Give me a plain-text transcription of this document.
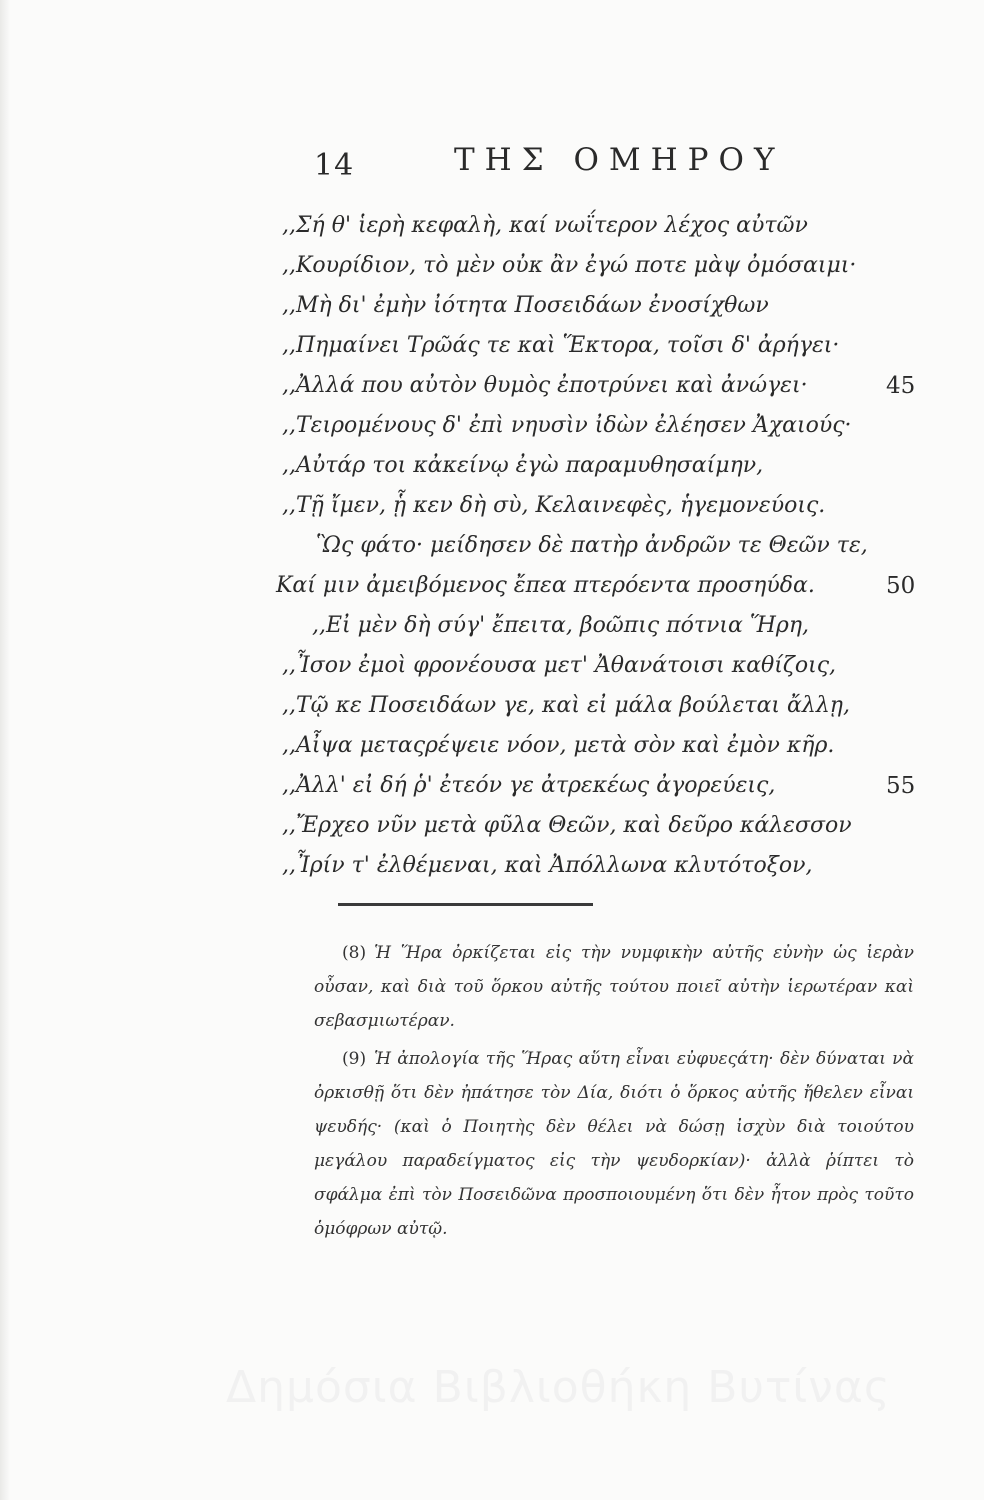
14	ΤΗΣ ΟΜΗΡΟΥ
,,Σή θ' ἱερὴ κεφαλὴ, καί νωΐτερον λέχος αὐτῶν
,,Κουρίδιον, τὸ μὲν οὐκ ἂν ἐγώ ποτε μὰψ ὀμόσαιμι·
,,Μὴ δι' ἐμὴν ἰότητα Ποσειδάων ἐνοσίχθων
,,Πημαίνει Τρῶάς τε καὶ Ἕκτορα, τοῖσι δ' ἀρήγει·
,,Ἀλλά που αὐτὸν θυμὸς ἐποτρύνει καὶ ἀνώγει·	45
,,Τειρομένους δ' ἐπὶ νηυσὶν ἰδὼν ἐλέησεν Ἀχαιούς·
,,Αὐτάρ τοι κἀκείνῳ ἐγὼ παραμυθησαίμην,
,,Τῇ ἴμεν, ᾗ κεν δὴ σὺ, Κελαινεφὲς, ἡγεμονεύοις.
Ὣς φάτο· μείδησεν δὲ πατὴρ ἀνδρῶν τε Θεῶν τε,
Καί μιν ἀμειβόμενος ἔπεα πτερόεντα προσηύδα.	50
,,Εἰ μὲν δὴ σύγ' ἔπειτα, βοῶπις πότνια Ἥρη,
,,Ἶσον ἐμοὶ φρονέουσα μετ' Ἀθανάτοισι καθίζοις,
,,Τῷ κε Ποσειδάων γε, καὶ εἰ μάλα βούλεται ἄλλῃ,
,,Αἶψα μεταςρέψειε νόον, μετὰ σὸν καὶ ἐμὸν κῆρ.
,,Ἀλλ' εἰ δή ῥ' ἐτεόν γε ἀτρεκέως ἀγορεύεις,	55
,,Ἔρχεο νῦν μετὰ φῦλα Θεῶν, καὶ δεῦρο κάλεσσον
,,Ἶρίν τ' ἐλθέμεναι, καὶ Ἀπόλλωνα κλυτότοξον,
(8) Ἡ Ἥρα ὀρκίζεται εἰς τὴν νυμφικὴν αὐτῆς εὐνὴν ὡς ἱερὰν οὖσαν, καὶ διὰ τοῦ ὅρκου αὐτῆς τούτου ποιεῖ αὐτὴν ἱερωτέραν καὶ σεβασμιωτέραν.
(9) Ἡ ἀπολογία τῆς Ἥρας αὕτη εἶναι εὐφυεςάτη· δὲν δύναται νὰ ὀρκισθῇ ὅτι δὲν ἠπάτησε τὸν Δία, διότι ὁ ὅρκος αὐτῆς ἤθελεν εἶναι ψευδής· (καὶ ὁ Ποιητὴς δὲν θέλει νὰ δώσῃ ἰσχὺν διὰ τοιούτου μεγάλου παραδείγματος εἰς τὴν ψευδορκίαν)· ἀλλὰ ῥίπτει τὸ σφάλμα ἐπὶ τὸν Ποσειδῶνα προσποιουμένη ὅτι δὲν ἦτον πρὸς τοῦτο ὁμόφρων αὐτῷ.
Δημόσια Βιβλιοθήκη Βυτίνας
